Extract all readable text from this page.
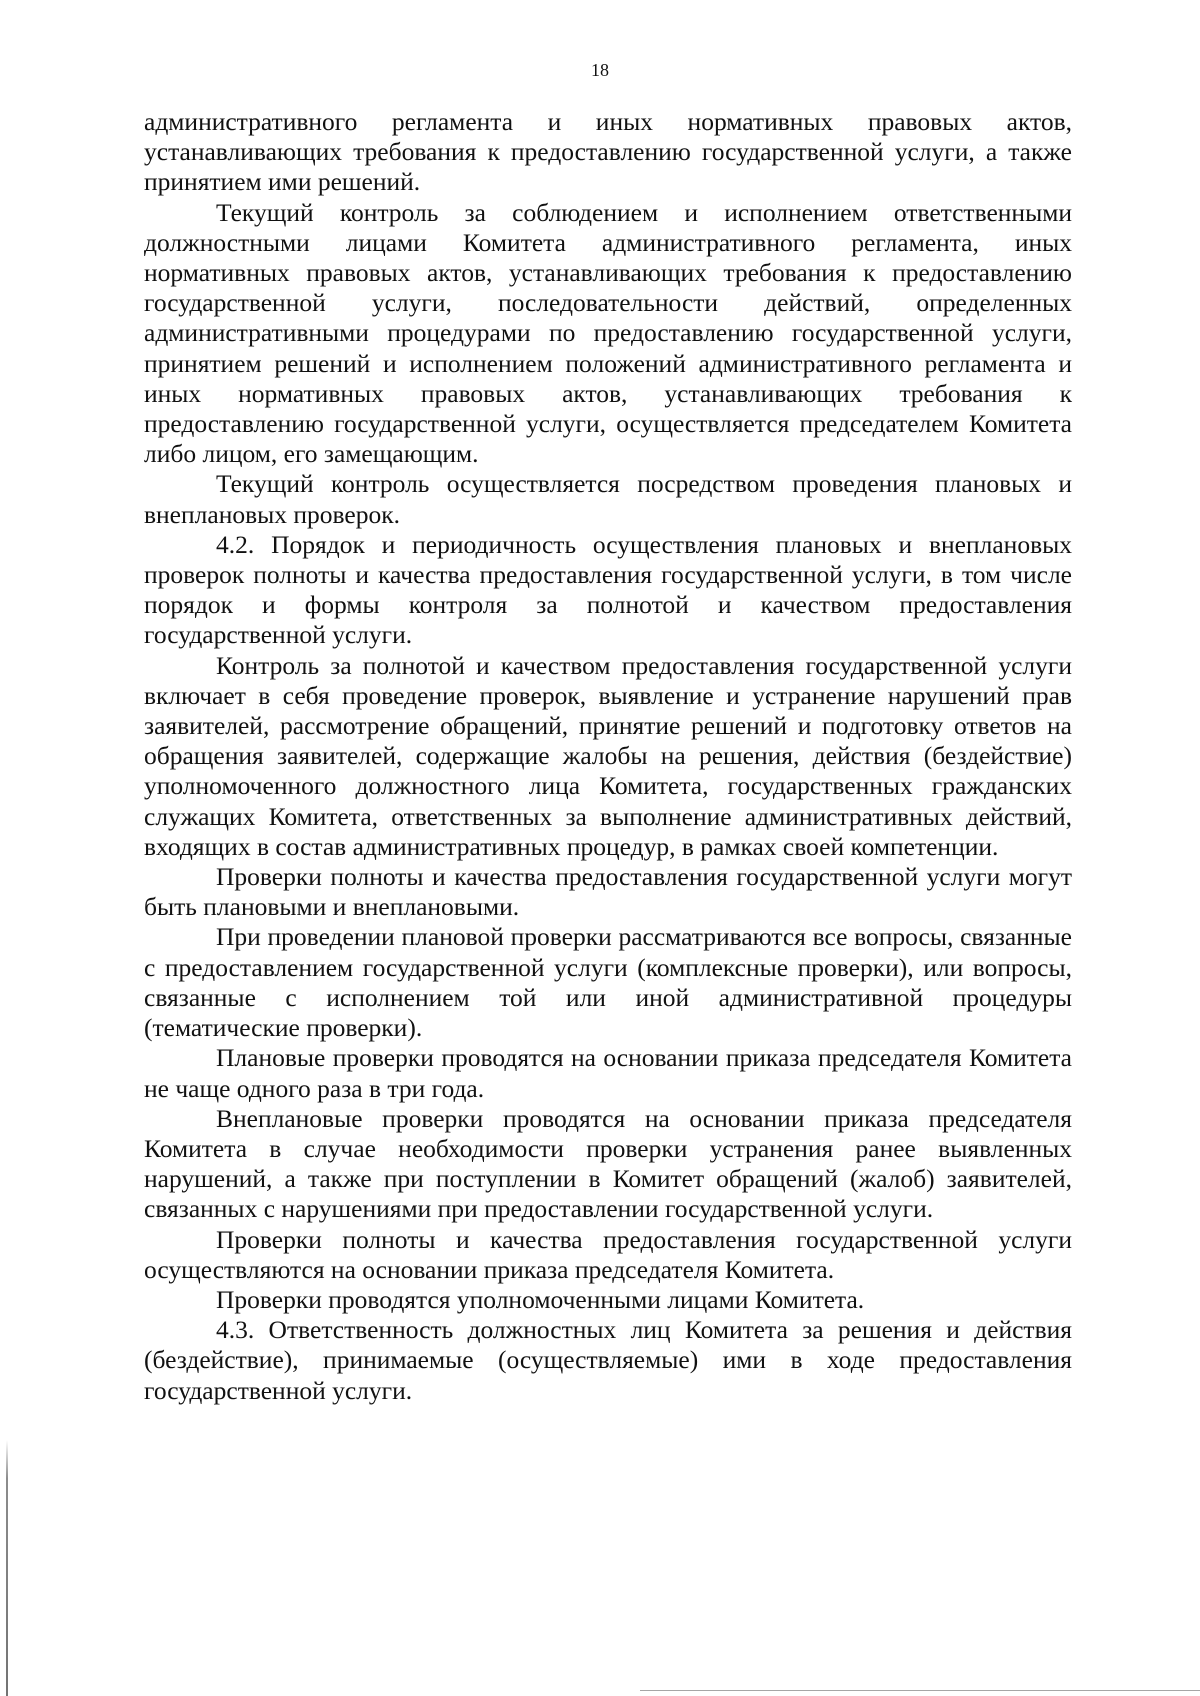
18

административного регламента и иных нормативных правовых актов, устанавливающих требования к предоставлению государственной услуги, а также принятием ими решений.

Текущий контроль за соблюдением и исполнением ответственными должностными лицами Комитета административного регламента, иных нормативных правовых актов, устанавливающих требования к предоставлению государственной услуги, последовательности действий, определенных административными процедурами по предоставлению государственной услуги, принятием решений и исполнением положений административного регламента и иных нормативных правовых актов, устанавливающих требования к предоставлению государственной услуги, осуществляется председателем Комитета либо лицом, его замещающим.

Текущий контроль осуществляется посредством проведения плановых и внеплановых проверок.

4.2. Порядок и периодичность осуществления плановых и внеплановых проверок полноты и качества предоставления государственной услуги, в том числе порядок и формы контроля за полнотой и качеством предоставления государственной услуги.

Контроль за полнотой и качеством предоставления государственной услуги включает в себя проведение проверок, выявление и устранение нарушений прав заявителей, рассмотрение обращений, принятие решений и подготовку ответов на обращения заявителей, содержащие жалобы на решения, действия (бездействие) уполномоченного должностного лица Комитета, государственных гражданских служащих Комитета, ответственных за выполнение административных действий, входящих в состав административных процедур, в рамках своей компетенции.

Проверки полноты и качества предоставления государственной услуги могут быть плановыми и внеплановыми.

При проведении плановой проверки рассматриваются все вопросы, связанные с предоставлением государственной услуги (комплексные проверки), или вопросы, связанные с исполнением той или иной административной процедуры (тематические проверки).

Плановые проверки проводятся на основании приказа председателя Комитета не чаще одного раза в три года.

Внеплановые проверки проводятся на основании приказа председателя Комитета в случае необходимости проверки устранения ранее выявленных нарушений, а также при поступлении в Комитет обращений (жалоб) заявителей, связанных с нарушениями при предоставлении государственной услуги.

Проверки полноты и качества предоставления государственной услуги осуществляются на основании приказа председателя Комитета.

Проверки проводятся уполномоченными лицами Комитета.

4.3. Ответственность должностных лиц Комитета за решения и действия (бездействие), принимаемые (осуществляемые) ими в ходе предоставления государственной услуги.
